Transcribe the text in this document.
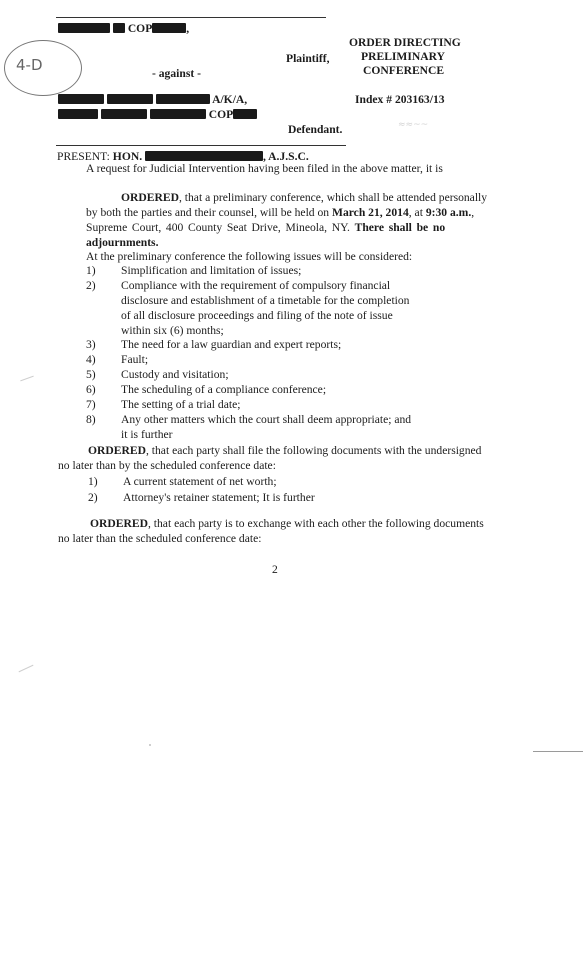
COP	,
Plaintiff,
4-D	- against -
ORDER DIRECTING
PRELIMINARY
CONFERENCE
Index # 203163/13
≈≈~~
A/K/A,
COP
Defendant.
PRESENT: HON.	, A.J.S.C.
A request for Judicial Intervention having been filed in the above matter, it is
ORDERED, that a preliminary conference, which shall be attended personally
by both the parties and their counsel, will be held on March 21, 2014, at 9:30 a.m.,
Supreme Court, 400 County Seat Drive, Mineola, NY. There shall be no
adjournments.
At the preliminary conference the following issues will be considered:
1) Simplification and limitation of issues;
2) Compliance with the requirement of compulsory financial
disclosure and establishment of a timetable for the completion
of all disclosure proceedings and filing of the note of issue
within six (6) months;
3) The need for a law guardian and expert reports;
4) Fault;
5) Custody and visitation;
6) The scheduling of a compliance conference;
7) The setting of a trial date;
8) Any other matters which the court shall deem appropriate; and
it is further
ORDERED, that each party shall file the following documents with the undersigned
no later than by the scheduled conference date:
1) A current statement of net worth;
2) Attorney's retainer statement; It is further
ORDERED, that each party is to exchange with each other the following documents
no later than the scheduled conference date:
2
